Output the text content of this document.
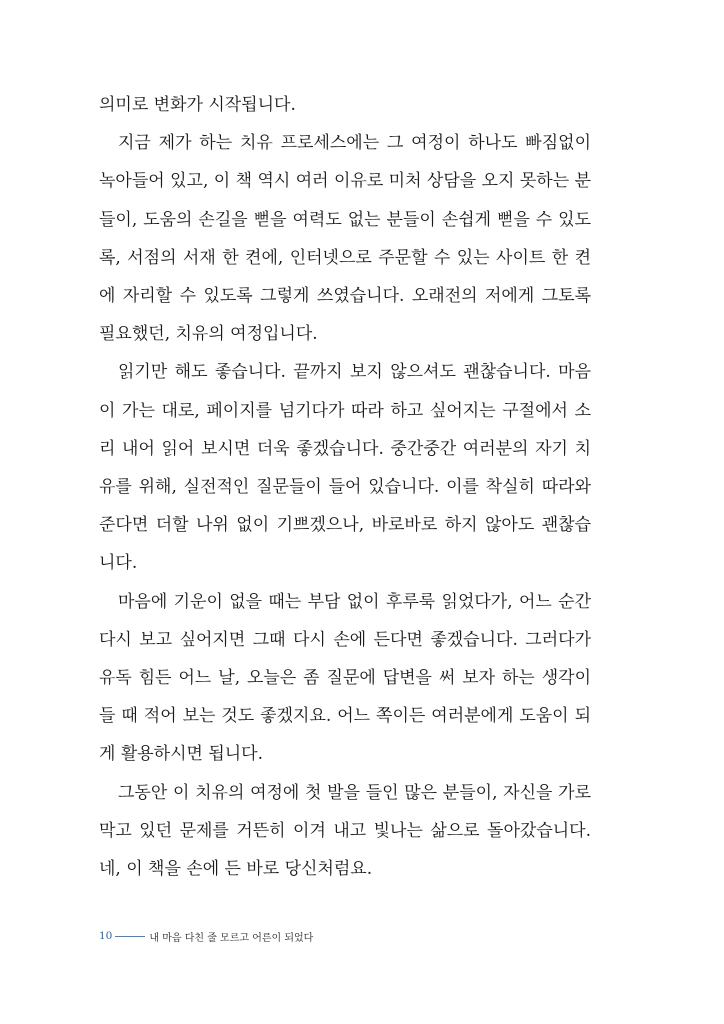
의미로 변화가 시작됩니다.

지금 제가 하는 치유 프로세스에는 그 여정이 하나도 빠짐없이 녹아들어 있고, 이 책 역시 여러 이유로 미처 상담을 오지 못하는 분들이, 도움의 손길을 뻗을 여력도 없는 분들이 손쉽게 뻗을 수 있도록, 서점의 서재 한 켠에, 인터넷으로 주문할 수 있는 사이트 한 켠에 자리할 수 있도록 그렇게 쓰였습니다. 오래전의 저에게 그토록 필요했던, 치유의 여정입니다.

읽기만 해도 좋습니다. 끝까지 보지 않으셔도 괜찮습니다. 마음이 가는 대로, 페이지를 넘기다가 따라 하고 싶어지는 구절에서 소리 내어 읽어 보시면 더욱 좋겠습니다. 중간중간 여러분의 자기 치유를 위해, 실전적인 질문들이 들어 있습니다. 이를 착실히 따라와 준다면 더할 나위 없이 기쁘겠으나, 바로바로 하지 않아도 괜찮습니다.

마음에 기운이 없을 때는 부담 없이 후루룩 읽었다가, 어느 순간 다시 보고 싶어지면 그때 다시 손에 든다면 좋겠습니다. 그러다가 유독 힘든 어느 날, 오늘은 좀 질문에 답변을 써 보자 하는 생각이 들 때 적어 보는 것도 좋겠지요. 어느 쪽이든 여러분에게 도움이 되게 활용하시면 됩니다.

그동안 이 치유의 여정에 첫 발을 들인 많은 분들이, 자신을 가로막고 있던 문제를 거뜬히 이겨 내고 빛나는 삶으로 돌아갔습니다. 네, 이 책을 손에 든 바로 당신처럼요.

10	내 마음 다친 줄 모르고 어른이 되었다
